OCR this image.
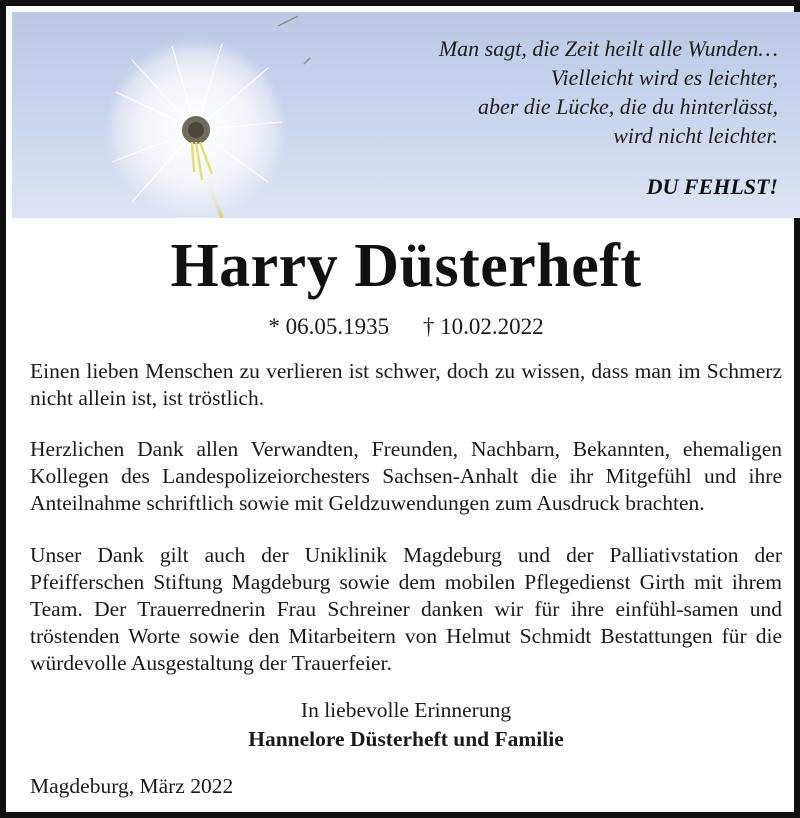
Man sagt, die Zeit heilt alle Wunden…
Vielleicht wird es leichter,
aber die Lücke, die du hinterlässt,
wird nicht leichter.
DU FEHLST!
Harry Düsterheft
* 06.05.1935 † 10.02.2022
Einen lieben Menschen zu verlieren ist schwer, doch zu wissen, dass man im Schmerz nicht allein ist, ist tröstlich.
Herzlichen Dank allen Verwandten, Freunden, Nachbarn, Bekannten, ehemaligen Kollegen des Landespolizeiorchesters Sachsen-Anhalt die ihr Mitgefühl und ihre Anteilnahme schriftlich sowie mit Geldzuwendungen zum Ausdruck brachten.
Unser Dank gilt auch der Uniklinik Magdeburg und der Palliativstation der Pfeifferschen Stiftung Magdeburg sowie dem mobilen Pflegedienst Girth mit ihrem Team. Der Trauerrednerin Frau Schreiner danken wir für ihre einfühl-samen und tröstenden Worte sowie den Mitarbeitern von Helmut Schmidt Bestattungen für die würdevolle Ausgestaltung der Trauerfeier.
In liebevolle Erinnerung
Hannelore Düsterheft und Familie
Magdeburg, März 2022
